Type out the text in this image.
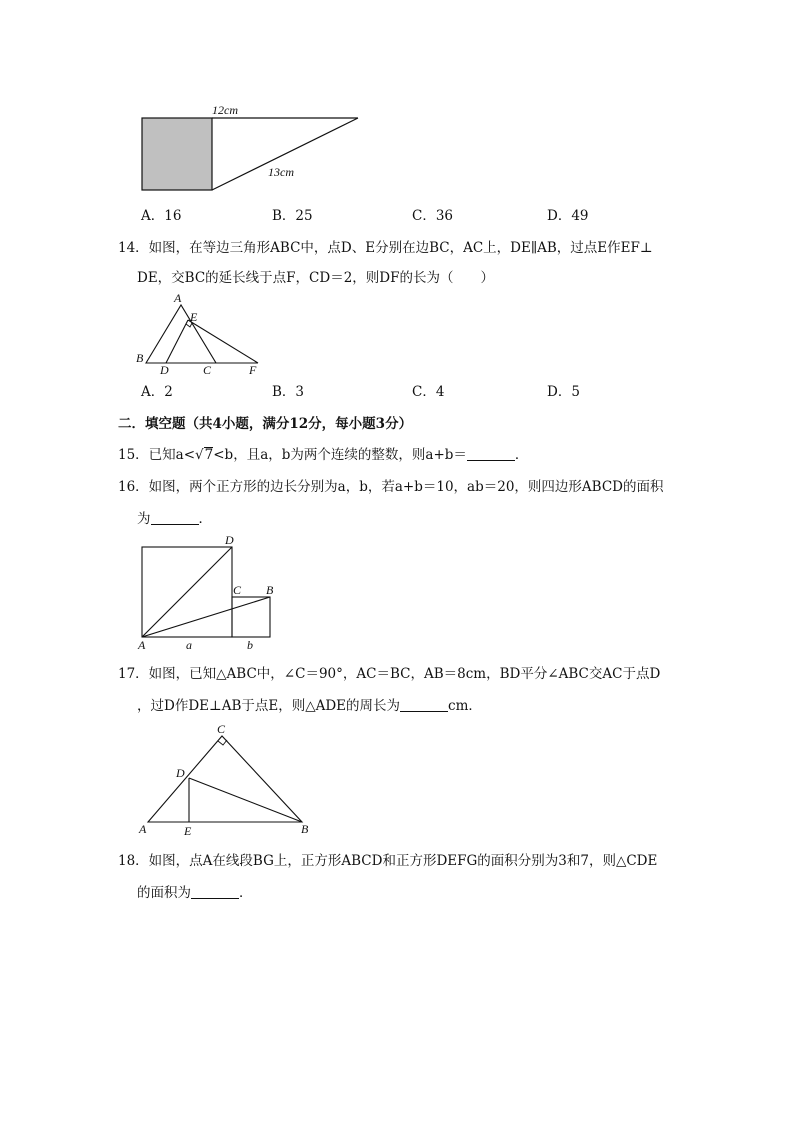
12cm
13cm
A．16	B．25	C．36	D．49
14．如图，在等边三角形ABC中，点D、E分别在边BC，AC上，DE∥AB，过点E作EF⊥
DE，交BC的延长线于点F，CD＝2，则DF的长为（　　）
A
B
D	C
E
F
A．2	B．3	C．4	D．5
二．填空题（共4小题，满分12分，每小题3分）
15．已知a<√7<b，且a，b为两个连续的整数，则a+b＝	．
16．如图，两个正方形的边长分别为a，b，若a+b＝10，ab＝20，则四边形ABCD的面积
为	．
D
C B
A	a	b
17．如图，已知△ABC中，∠C＝90°，AC＝BC，AB＝8cm，BD平分∠ABC交AC于点D
，过D作DE⊥AB于点E，则△ADE的周长为	cm．
C
D
A	E	B
18．如图，点A在线段BG上，正方形ABCD和正方形DEFG的面积分别为3和7，则△CDE
的面积为	．
